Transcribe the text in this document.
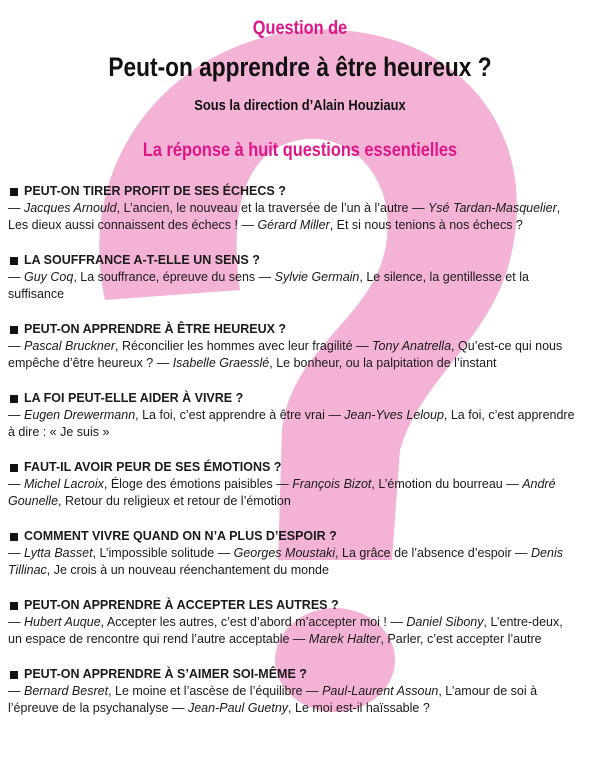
Question de
Peut-on apprendre à être heureux ?
Sous la direction d’Alain Houziaux
La réponse à huit questions essentielles
PEUT-ON TIRER PROFIT DE SES ÉCHECS ?
— Jacques Arnould, L’ancien, le nouveau et la traversée de l’un à l’autre — Ysé Tardan-Masquelier, Les dieux aussi connaissent des échecs ! — Gérard Miller, Et si nous tenions à nos échecs ?
LA SOUFFRANCE A-T-ELLE UN SENS ?
— Guy Coq, La souffrance, épreuve du sens — Sylvie Germain, Le silence, la gentillesse et la suffisance
PEUT-ON APPRENDRE À ÊTRE HEUREUX ?
— Pascal Bruckner, Réconcilier les hommes avec leur fragilité — Tony Anatrella, Qu’est-ce qui nous empêche d’être heureux ? — Isabelle Graesslé, Le bonheur, ou la palpitation de l’instant
LA FOI PEUT-ELLE AIDER À VIVRE ?
— Eugen Drewermann, La foi, c’est apprendre à être vrai — Jean-Yves Leloup, La foi, c’est apprendre à dire : « Je suis »
FAUT-IL AVOIR PEUR DE SES ÉMOTIONS ?
— Michel Lacroix, Éloge des émotions paisibles — François Bizot, L’émotion du bourreau — André Gounelle, Retour du religieux et retour de l’émotion
COMMENT VIVRE QUAND ON N’A PLUS D’ESPOIR ?
— Lytta Basset, L’impossible solitude — Georges Moustaki, La grâce de l’absence d’espoir — Denis Tillinac, Je crois à un nouveau réenchantement du monde
PEUT-ON APPRENDRE À ACCEPTER LES AUTRES ?
— Hubert Auque, Accepter les autres, c’est d’abord m’accepter moi ! — Daniel Sibony, L’entre-deux, un espace de rencontre qui rend l’autre acceptable — Marek Halter, Parler, c’est accepter l’autre
PEUT-ON APPRENDRE À S’AIMER SOI-MÊME ?
— Bernard Besret, Le moine et l’ascèse de l’équilibre — Paul-Laurent Assoun, L’amour de soi à l’épreuve de la psychanalyse — Jean-Paul Guetny, Le moi est-il haïssable ?
